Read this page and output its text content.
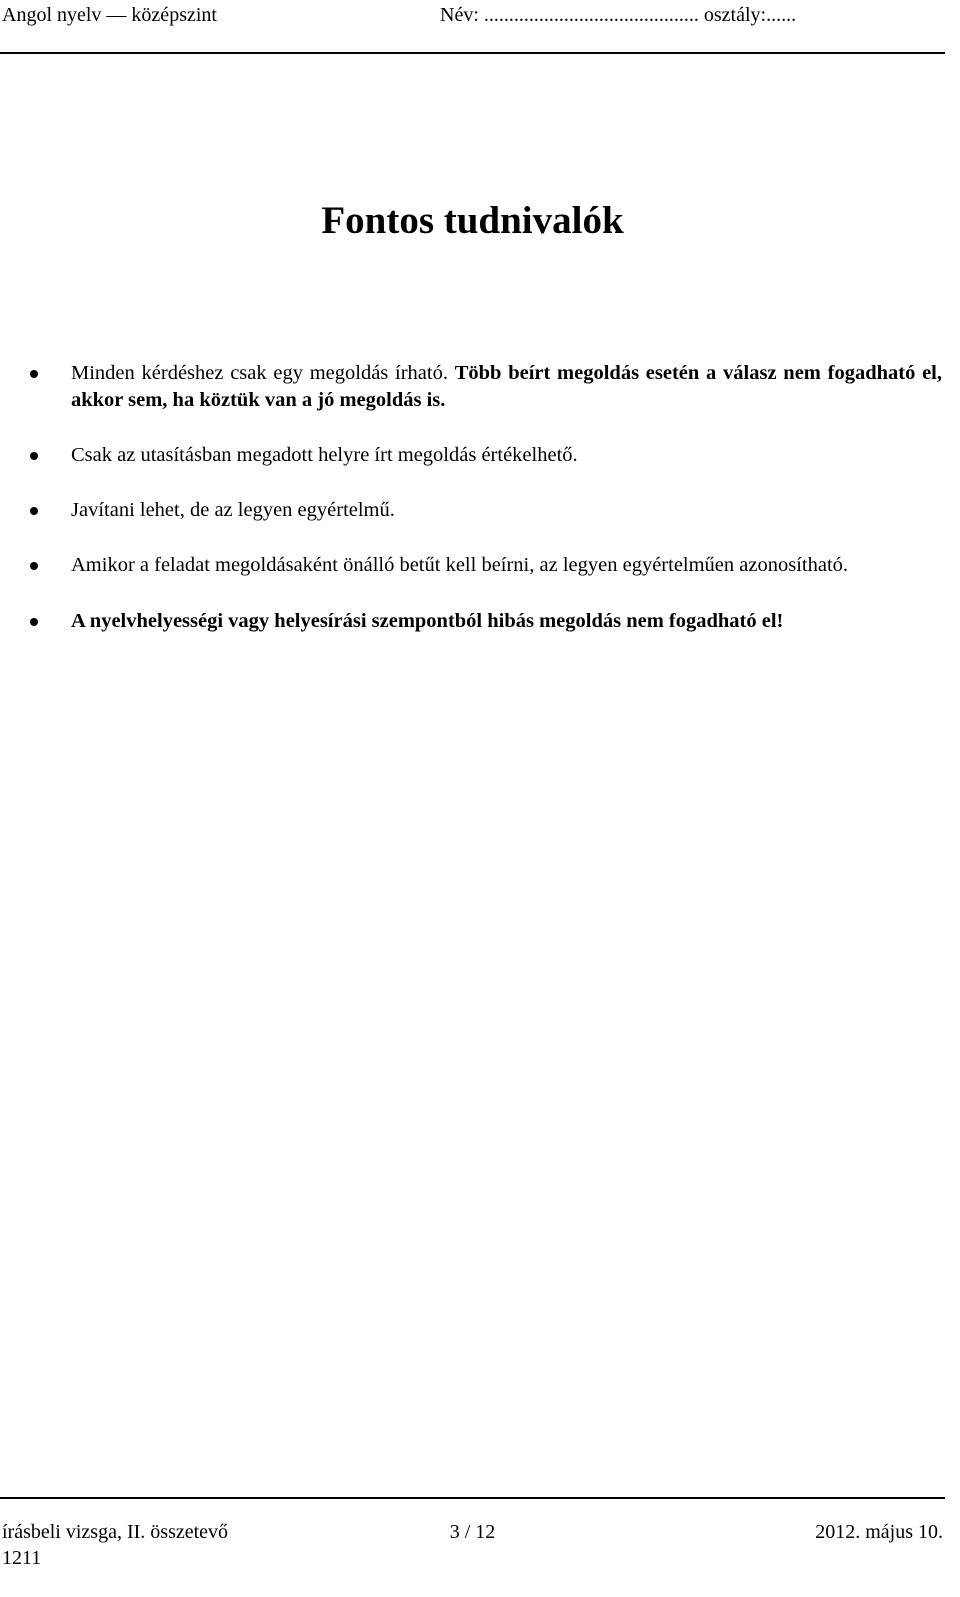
Angol nyelv — középszint	Név: ........................................... osztály:......
Fontos tudnivalók
Minden kérdéshez csak egy megoldás írható. Több beírt megoldás esetén a válasz nem fogadható el, akkor sem, ha köztük van a jó megoldás is.
Csak az utasításban megadott helyre írt megoldás értékelhető.
Javítani lehet, de az legyen egyértelmű.
Amikor a feladat megoldásaként önálló betűt kell beírni, az legyen egyértelműen azonosítható.
A nyelvhelyességi vagy helyesírási szempontból hibás megoldás nem fogadható el!
írásbeli vizsga, II. összetevő
1211
3 / 12	2012. május 10.
